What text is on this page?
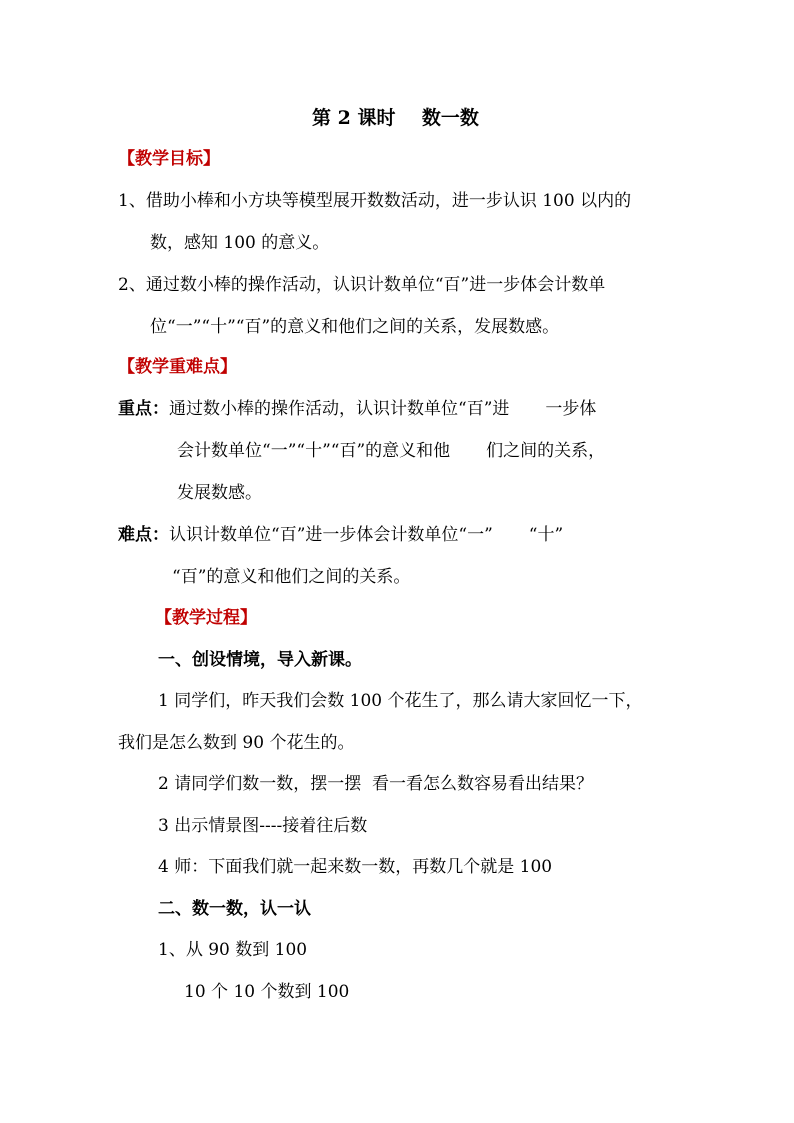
第 2 课时    数一数
【教学目标】
1、借助小棒和小方块等模型展开数数活动，进一步认识 100 以内的
数，感知 100 的意义。
2、通过数小棒的操作活动，认识计数单位“百”进一步体会计数单
位“一”“十”“百”的意义和他们之间的关系，发展数感。
【教学重难点】
重点：通过数小棒的操作活动，认识计数单位“百”进 一步体
会计数单位“一”“十”“百”的意义和他 们之间的关系，
发展数感。
难点：认识计数单位“百”进一步体会计数单位“一” “十”
“百”的意义和他们之间的关系。
【教学过程】
一、创设情境，导入新课。
1 同学们，昨天我们会数 100 个花生了，那么请大家回忆一下，
我们是怎么数到 90 个花生的。
2 请同学们数一数，摆一摆  看一看怎么数容易看出结果？
3 出示情景图----接着往后数
4 师：下面我们就一起来数一数，再数几个就是 100
二、数一数，认一认
1、从 90 数到 100
10 个 10 个数到 100
